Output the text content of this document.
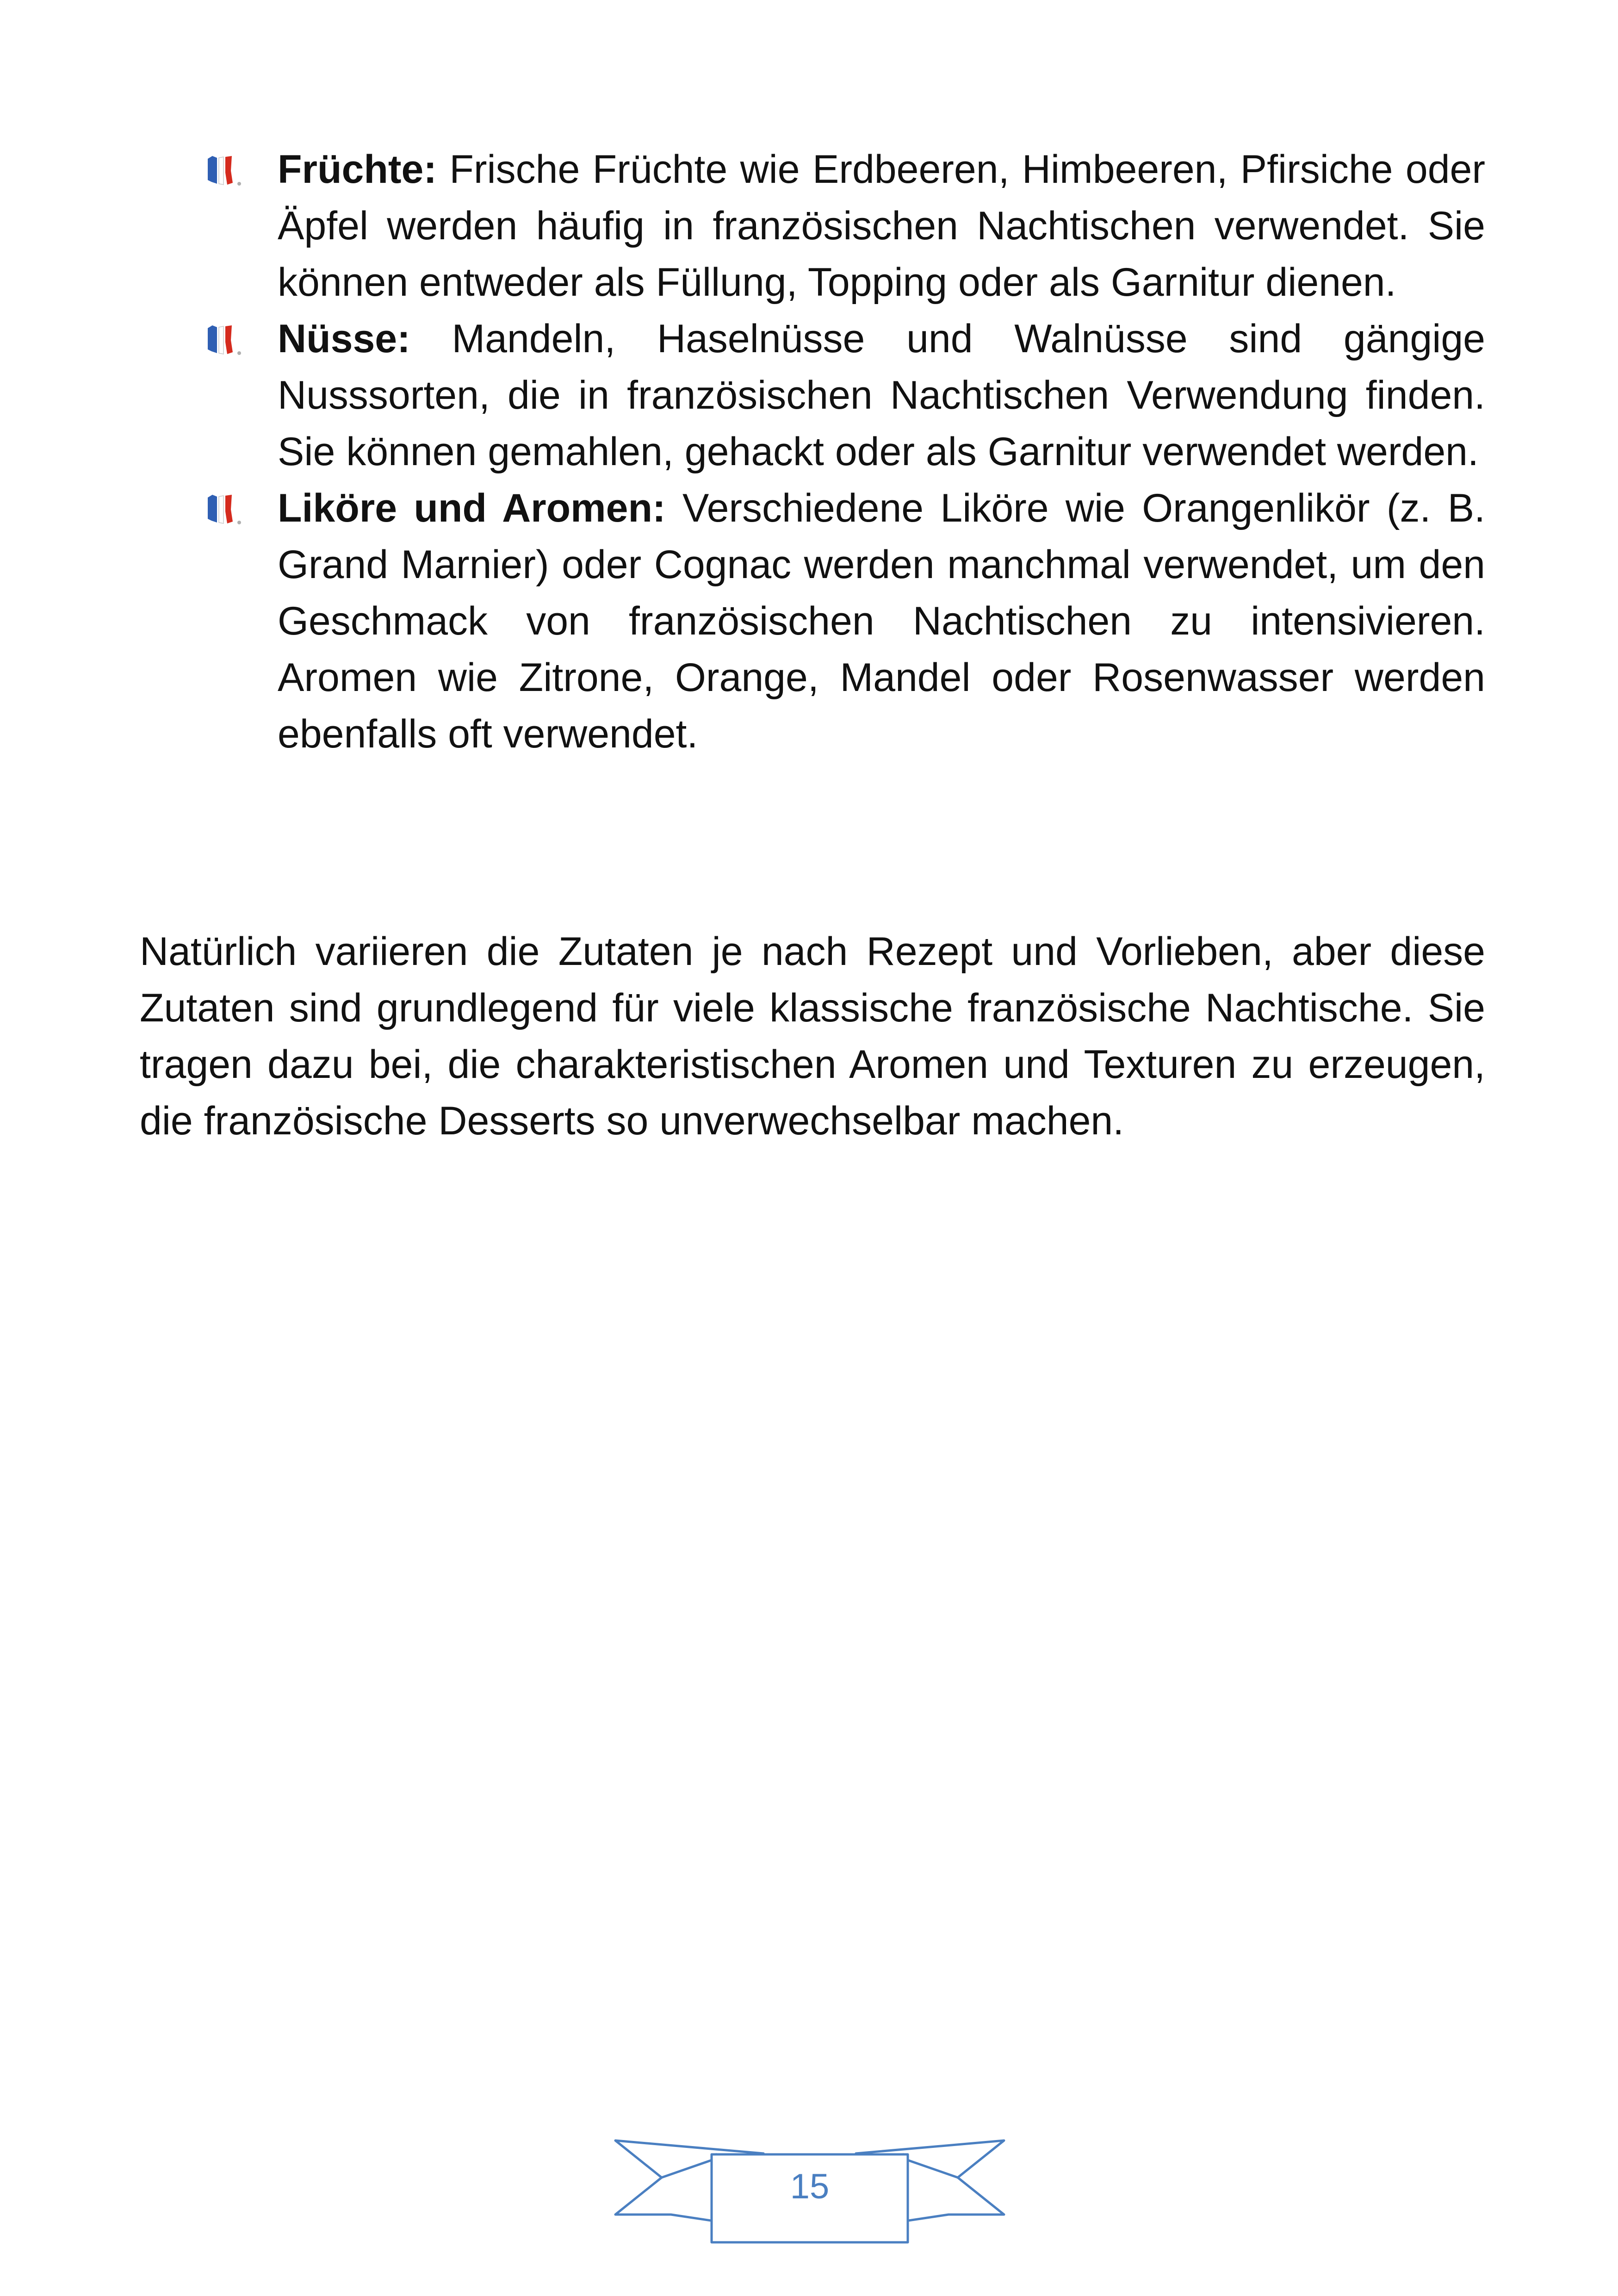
Früchte: Frische Früchte wie Erdbeeren, Himbeeren, Pfirsiche oder Äpfel werden häufig in französischen Nachtischen verwendet. Sie können entweder als Füllung, Topping oder als Garnitur dienen.

Nüsse: Mandeln, Haselnüsse und Walnüsse sind gängige Nusssorten, die in französischen Nachtischen Verwendung finden. Sie können gemahlen, gehackt oder als Garnitur verwendet werden.

Liköre und Aromen: Verschiedene Liköre wie Orangenlikör (z. B. Grand Marnier) oder Cognac werden manchmal verwendet, um den Geschmack von französischen Nachtischen zu intensivieren. Aromen wie Zitrone, Orange, Mandel oder Rosenwasser werden ebenfalls oft verwendet.

Natürlich variieren die Zutaten je nach Rezept und Vorlieben, aber diese Zutaten sind grundlegend für viele klassische französische Nachtische. Sie tragen dazu bei, die charakteristischen Aromen und Texturen zu erzeugen, die französische Desserts so unverwechselbar machen.

15
